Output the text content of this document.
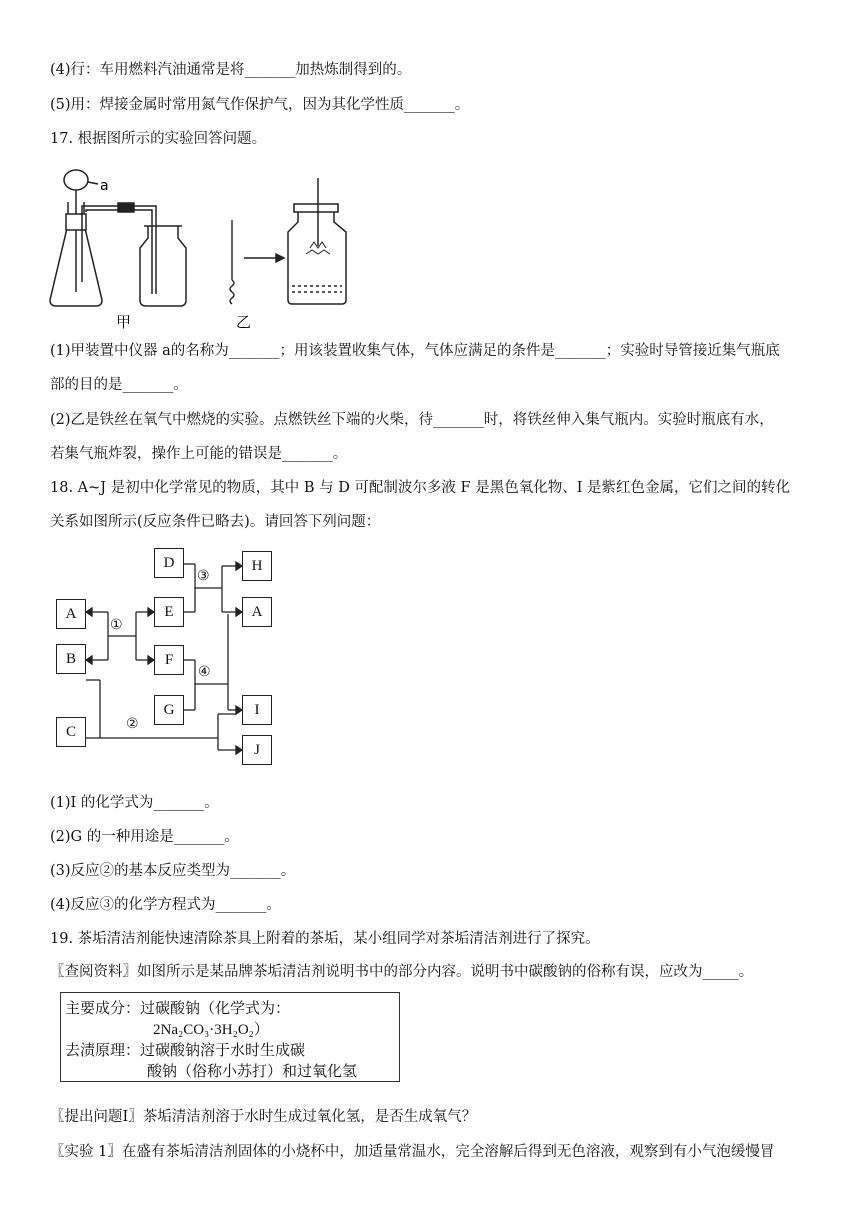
(4)行：车用燃料汽油通常是将_______加热炼制得到的。
(5)用：焊接金属时常用氮气作保护气，因为其化学性质_______。
17. 根据图所示的实验回答问题。
a
甲	乙
(1)甲装置中仪器 a的名称为_______；用该装置收集气体，气体应满足的条件是_______；实验时导管接近集气瓶底
部的目的是_______。
(2)乙是铁丝在氧气中燃烧的实验。点燃铁丝下端的火柴，待_______时，将铁丝伸入集气瓶内。实验时瓶底有水，
若集气瓶炸裂，操作上可能的错误是_______。
18. A~J 是初中化学常见的物质，其中 B 与 D 可配制波尔多液 F 是黑色氧化物、I 是紫红色金属，它们之间的转化
关系如图所示(反应条件已略去)。请回答下列问题：
D	H
A	E	A
B	F
G	I
C
J
③
①
④
②
(1)I 的化学式为_______。
(2)G 的一种用途是_______。
(3)反应②的基本反应类型为_______。
(4)反应③的化学方程式为_______。
19. 茶垢清洁剂能快速清除茶具上附着的茶垢，某小组同学对茶垢清洁剂进行了探究。
〖查阅资料〗如图所示是某品牌茶垢清洁剂说明书中的部分内容。说明书中碳酸钠的俗称有误，应改为_____。
主要成分：过碳酸钠（化学式为：
2Na₂CO₃·3H₂O₂）
去渍原理：过碳酸钠溶于水时生成碳
酸钠（俗称小苏打）和过氧化氢
〖提出问题Ⅰ〗茶垢清洁剂溶于水时生成过氧化氢，是否生成氧气？
〖实验 1〗在盛有茶垢清洁剂固体的小烧杯中，加适量常温水，完全溶解后得到无色溶液，观察到有小气泡缓慢冒
